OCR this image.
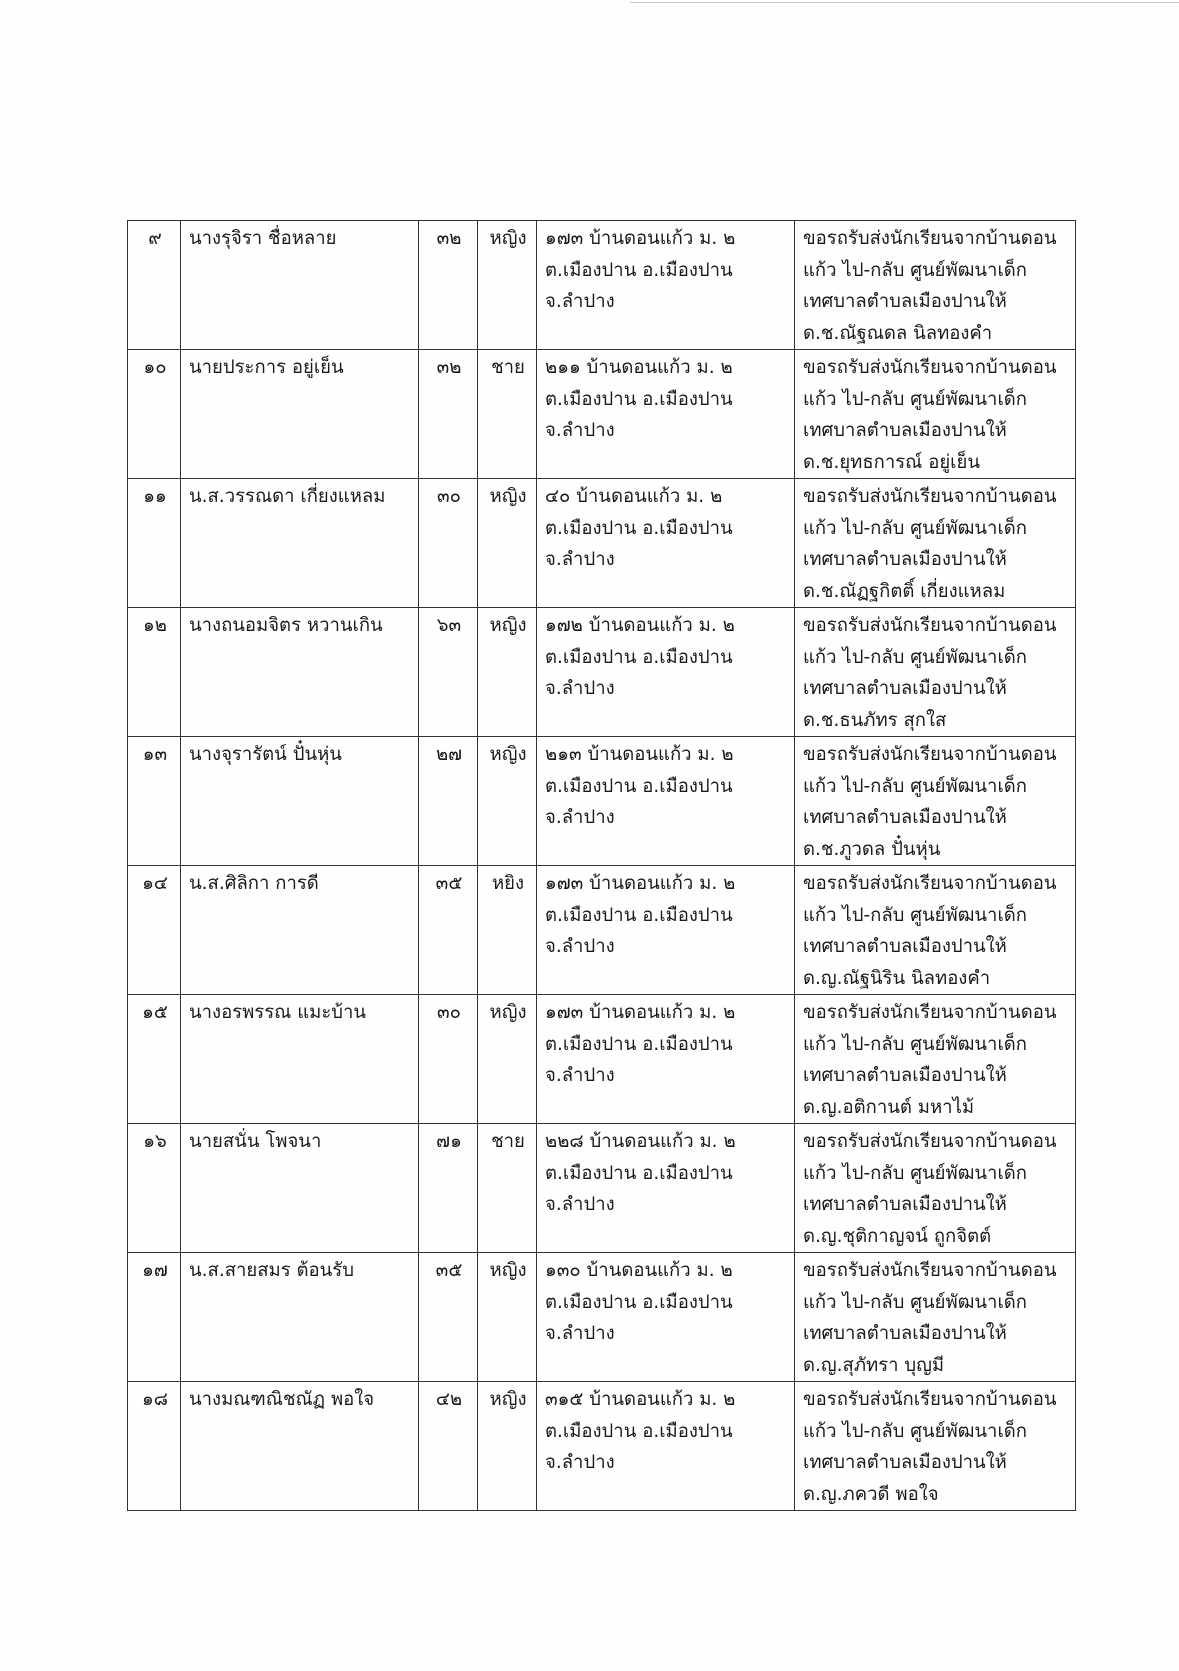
๙	นางรุจิรา ชื่อหลาย	๓๒	หญิง	๑๗๓ บ้านดอนแก้ว ม. ๒
ต.เมืองปาน อ.เมืองปาน
จ.ลำปาง	ขอรถรับส่งนักเรียนจากบ้านดอน
แก้ว ไป-กลับ ศูนย์พัฒนาเด็ก
เทศบาลตำบลเมืองปานให้
ด.ช.ณัฐณดล นิลทองคำ

๑๐	นายประการ อยู่เย็น	๓๒	ชาย	๒๑๑ บ้านดอนแก้ว ม. ๒
ต.เมืองปาน อ.เมืองปาน
จ.ลำปาง	ขอรถรับส่งนักเรียนจากบ้านดอน
แก้ว ไป-กลับ ศูนย์พัฒนาเด็ก
เทศบาลตำบลเมืองปานให้
ด.ช.ยุทธการณ์ อยู่เย็น

๑๑	น.ส.วรรณดา เกี่ยงแหลม	๓๐	หญิง	๔๐ บ้านดอนแก้ว ม. ๒
ต.เมืองปาน อ.เมืองปาน
จ.ลำปาง	ขอรถรับส่งนักเรียนจากบ้านดอน
แก้ว ไป-กลับ ศูนย์พัฒนาเด็ก
เทศบาลตำบลเมืองปานให้
ด.ช.ณัฏฐกิตติ์ เกี่ยงแหลม

๑๒	นางถนอมจิตร หวานเกิน	๖๓	หญิง	๑๗๒ บ้านดอนแก้ว ม. ๒
ต.เมืองปาน อ.เมืองปาน
จ.ลำปาง	ขอรถรับส่งนักเรียนจากบ้านดอน
แก้ว ไป-กลับ ศูนย์พัฒนาเด็ก
เทศบาลตำบลเมืองปานให้
ด.ช.ธนภัทร สุกใส

๑๓	นางจุรารัตน์ ปั๋นหุ่น	๒๗	หญิง	๒๑๓ บ้านดอนแก้ว ม. ๒
ต.เมืองปาน อ.เมืองปาน
จ.ลำปาง	ขอรถรับส่งนักเรียนจากบ้านดอน
แก้ว ไป-กลับ ศูนย์พัฒนาเด็ก
เทศบาลตำบลเมืองปานให้
ด.ช.ภูวดล ปั๋นหุ่น

๑๔	น.ส.ศิลิกา การดี	๓๕	หยิง	๑๗๓ บ้านดอนแก้ว ม. ๒
ต.เมืองปาน อ.เมืองปาน
จ.ลำปาง	ขอรถรับส่งนักเรียนจากบ้านดอน
แก้ว ไป-กลับ ศูนย์พัฒนาเด็ก
เทศบาลตำบลเมืองปานให้
ด.ญ.ณัฐนิริน นิลทองคำ

๑๕	นางอรพรรณ แมะบ้าน	๓๐	หญิง	๑๗๓ บ้านดอนแก้ว ม. ๒
ต.เมืองปาน อ.เมืองปาน
จ.ลำปาง	ขอรถรับส่งนักเรียนจากบ้านดอน
แก้ว ไป-กลับ ศูนย์พัฒนาเด็ก
เทศบาลตำบลเมืองปานให้
ด.ญ.อติกานต์ มหาไม้

๑๖	นายสนั่น โพจนา	๗๑	ชาย	๒๒๘ บ้านดอนแก้ว ม. ๒
ต.เมืองปาน อ.เมืองปาน
จ.ลำปาง	ขอรถรับส่งนักเรียนจากบ้านดอน
แก้ว ไป-กลับ ศูนย์พัฒนาเด็ก
เทศบาลตำบลเมืองปานให้
ด.ญ.ชุติกาญจน์ ถูกจิตต์

๑๗	น.ส.สายสมร ต้อนรับ	๓๕	หญิง	๑๓๐ บ้านดอนแก้ว ม. ๒
ต.เมืองปาน อ.เมืองปาน
จ.ลำปาง	ขอรถรับส่งนักเรียนจากบ้านดอน
แก้ว ไป-กลับ ศูนย์พัฒนาเด็ก
เทศบาลตำบลเมืองปานให้
ด.ญ.สุภัทรา บุญมี

๑๘	นางมณฑณิชณัฏ พอใจ	๔๒	หญิง	๓๑๕ บ้านดอนแก้ว ม. ๒
ต.เมืองปาน อ.เมืองปาน
จ.ลำปาง	ขอรถรับส่งนักเรียนจากบ้านดอน
แก้ว ไป-กลับ ศูนย์พัฒนาเด็ก
เทศบาลตำบลเมืองปานให้
ด.ญ.ภควดี พอใจ
